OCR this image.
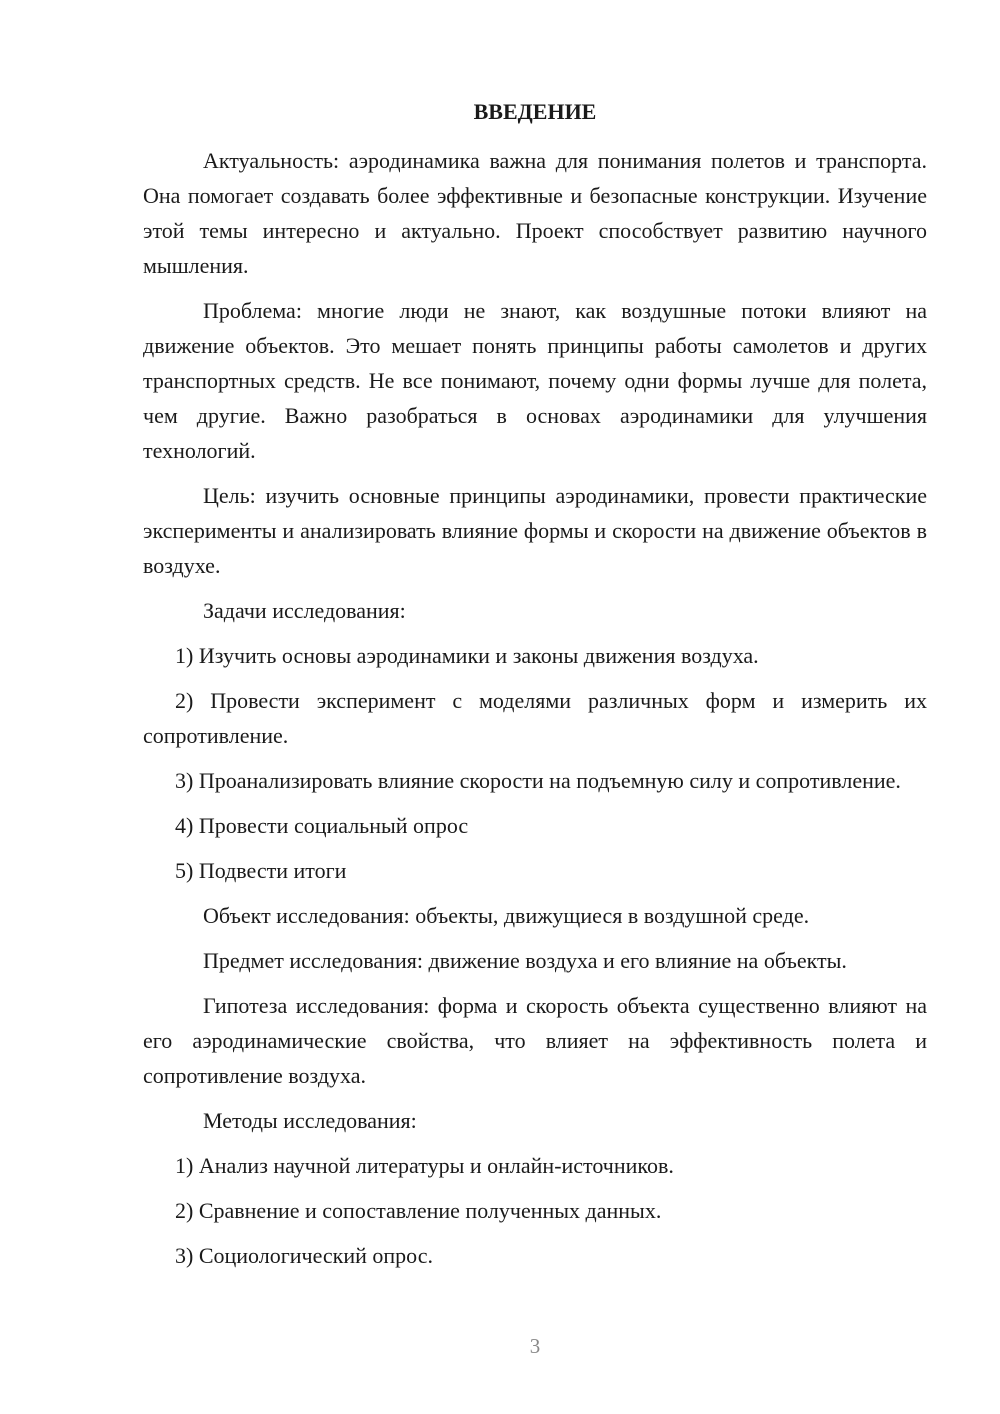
ВВЕДЕНИЕ

Актуальность: аэродинамика важна для понимания полетов и транспорта. Она помогает создавать более эффективные и безопасные конструкции. Изучение этой темы интересно и актуально. Проект способствует развитию научного мышления.

Проблема: многие люди не знают, как воздушные потоки влияют на движение объектов. Это мешает понять принципы работы самолетов и других транспортных средств. Не все понимают, почему одни формы лучше для полета, чем другие. Важно разобраться в основах аэродинамики для улучшения технологий.

Цель: изучить основные принципы аэродинамики, провести практические эксперименты и анализировать влияние формы и скорости на движение объектов в воздухе.

Задачи исследования:

1) Изучить основы аэродинамики и законы движения воздуха.

2) Провести эксперимент с моделями различных форм и измерить их сопротивление.

3) Проанализировать влияние скорости на подъемную силу и сопротивление.

4) Провести социальный опрос

5) Подвести итоги

Объект исследования: объекты, движущиеся в воздушной среде.

Предмет исследования: движение воздуха и его влияние на объекты.

Гипотеза исследования: форма и скорость объекта существенно влияют на его аэродинамические свойства, что влияет на эффективность полета и сопротивление воздуха.

Методы исследования:

1) Анализ научной литературы и онлайн-источников.

2) Сравнение и сопоставление полученных данных.

3) Социологический опрос.

3
